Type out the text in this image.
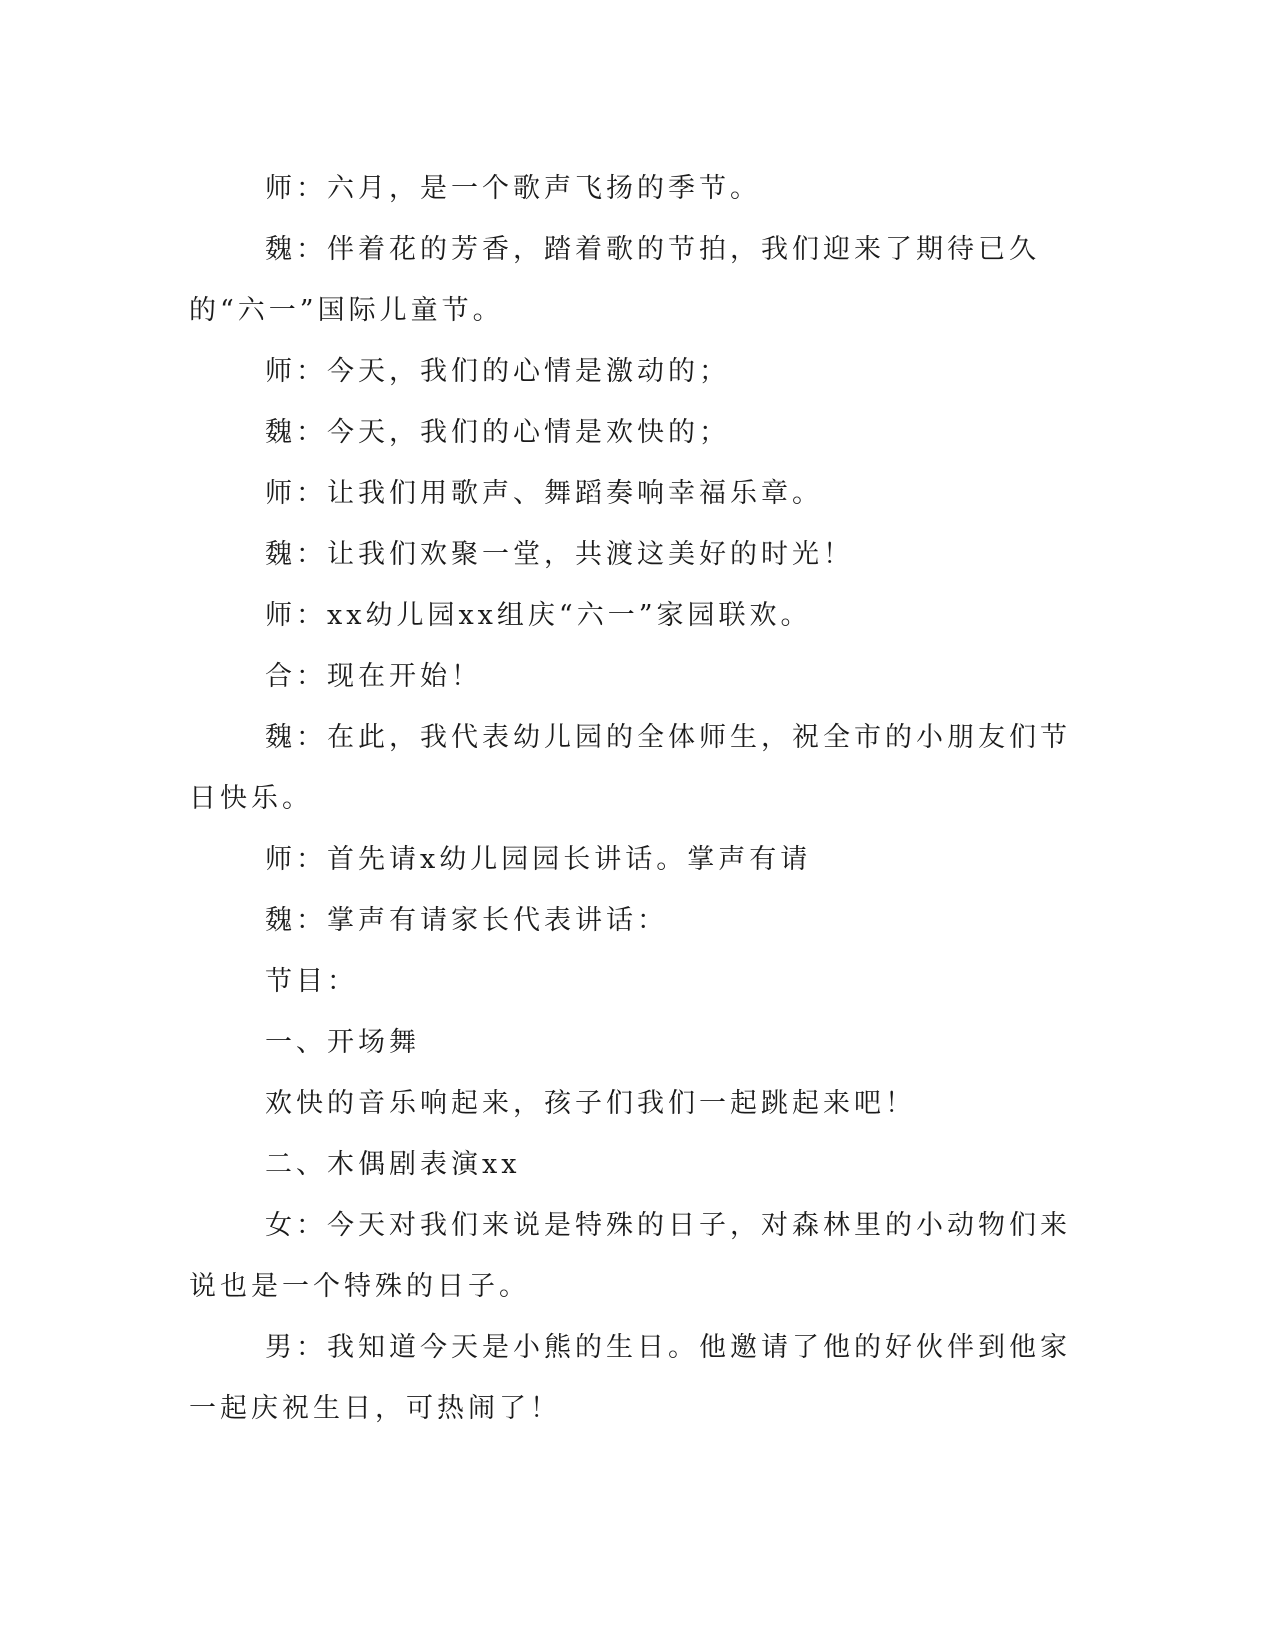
师：六月，是一个歌声飞扬的季节。

魏：伴着花的芳香，踏着歌的节拍，我们迎来了期待已久的“六一”国际儿童节。

师：今天，我们的心情是激动的；

魏：今天，我们的心情是欢快的；

师：让我们用歌声、舞蹈奏响幸福乐章。

魏：让我们欢聚一堂，共渡这美好的时光！

师：xx幼儿园xx组庆“六一”家园联欢。

合：现在开始！

魏：在此，我代表幼儿园的全体师生，祝全市的小朋友们节日快乐。

师：首先请x幼儿园园长讲话。掌声有请

魏：掌声有请家长代表讲话：

节目：

一、开场舞

欢快的音乐响起来，孩子们我们一起跳起来吧！

二、木偶剧表演xx

女：今天对我们来说是特殊的日子，对森林里的小动物们来说也是一个特殊的日子。

男：我知道今天是小熊的生日。他邀请了他的好伙伴到他家一起庆祝生日，可热闹了！
